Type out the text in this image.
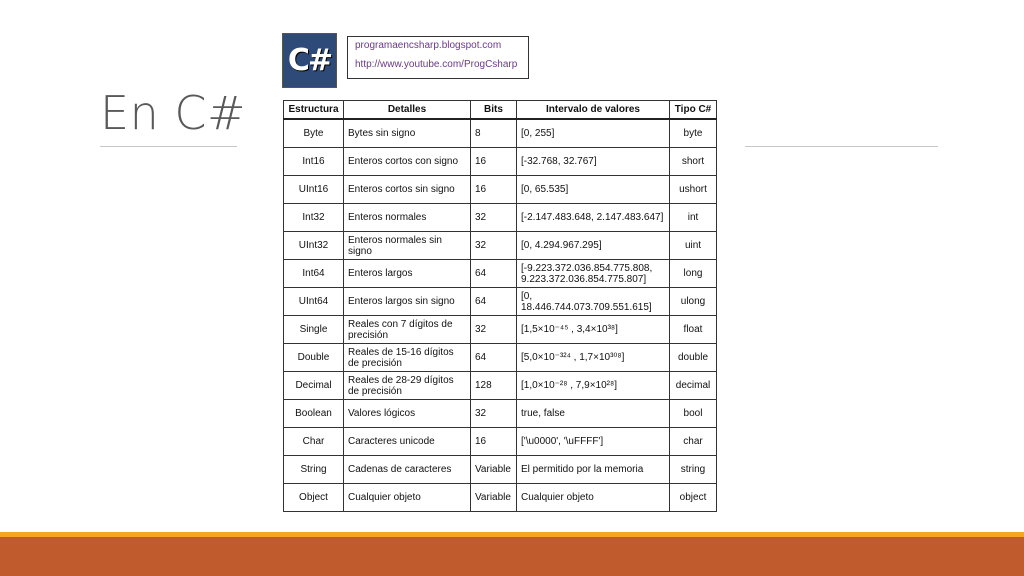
En C#
C#	programaencsharp.blogspot.com
http://www.youtube.com/ProgCsharp
Estructura	Detalles	Bits	Intervalo de valores	Tipo C#
Byte	Bytes sin signo	8	[0, 255]	byte
Int16	Enteros cortos con signo	16	[-32.768, 32.767]	short
UInt16	Enteros cortos sin signo	16	[0, 65.535]	ushort
Int32	Enteros normales	32	[-2.147.483.648, 2.147.483.647]	int
UInt32	Enteros normales sin signo	32	[0, 4.294.967.295]	uint
Int64	Enteros largos	64	[-9.223.372.036.854.775.808, 9.223.372.036.854.775.807]	long
UInt64	Enteros largos sin signo	64	[0, 18.446.744.073.709.551.615]	ulong
Single	Reales con 7 dígitos de precisión	32	[1,5×10⁻⁴⁵ , 3,4×10³⁸]	float
Double	Reales de 15-16 dígitos de precisión	64	[5,0×10⁻³²⁴ , 1,7×10³⁰⁸]	double
Decimal	Reales de 28-29 dígitos de precisión	128	[1,0×10⁻²⁸ , 7,9×10²⁸]	decimal
Boolean	Valores lógicos	32	true, false	bool
Char	Caracteres unicode	16	['\u0000', '\uFFFF']	char
String	Cadenas de caracteres	Variable	El permitido por la memoria	string
Object	Cualquier objeto	Variable	Cualquier objeto	object
